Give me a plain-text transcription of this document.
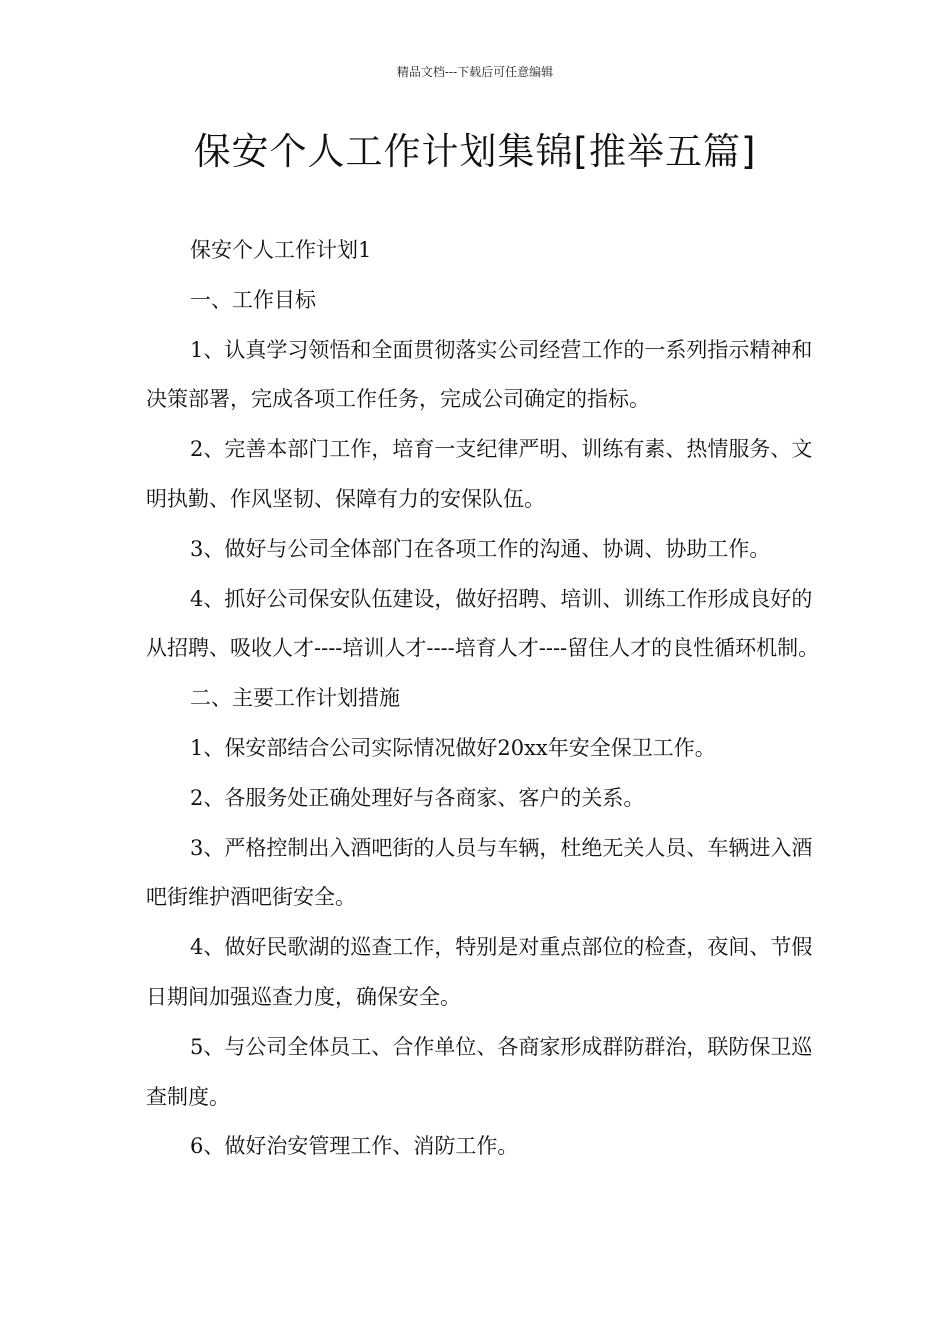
精品文档---下载后可任意编辑
保安个人工作计划集锦[推举五篇]

保安个人工作计划1

一、工作目标

1、认真学习领悟和全面贯彻落实公司经营工作的一系列指示精神和决策部署，完成各项工作任务，完成公司确定的指标。

2、完善本部门工作，培育一支纪律严明、训练有素、热情服务、文明执勤、作风坚韧、保障有力的安保队伍。

3、做好与公司全体部门在各项工作的沟通、协调、协助工作。

4、抓好公司保安队伍建设，做好招聘、培训、训练工作形成良好的从招聘、吸收人才----培训人才----培育人才----留住人才的良性循环机制。

二、主要工作计划措施

1、保安部结合公司实际情况做好20xx年安全保卫工作。

2、各服务处正确处理好与各商家、客户的关系。

3、严格控制出入酒吧街的人员与车辆，杜绝无关人员、车辆进入酒吧街维护酒吧街安全。

4、做好民歌湖的巡查工作，特别是对重点部位的检查，夜间、节假日期间加强巡查力度，确保安全。

5、与公司全体员工、合作单位、各商家形成群防群治，联防保卫巡查制度。

6、做好治安管理工作、消防工作。
